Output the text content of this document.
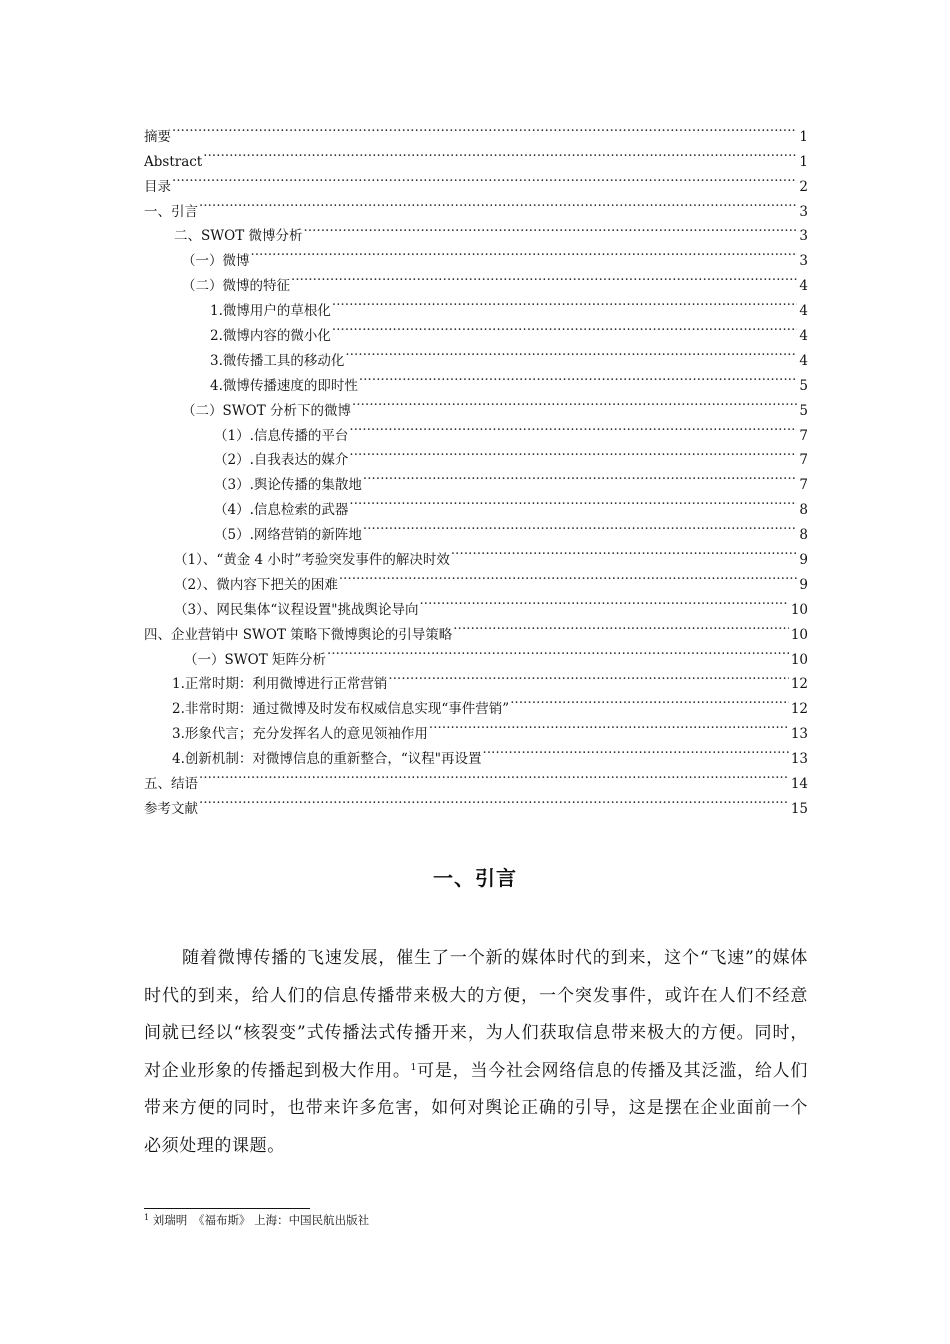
摘要 .....	1
Abstract .....	1
目录 .....	2
一、引言 .....	3
二、SWOT 微博分析 .....	3
（一）微博 .....	3
（二）微博的特征 .....	4
1.微博用户的草根化 .....	4
2.微博内容的微小化 .....	4
3.微传播工具的移动化 .....	4
4.微博传播速度的即时性 .....	5
（二）SWOT 分析下的微博 .....	5
（1）.信息传播的平台 .....	7
（2）.自我表达的媒介 .....	7
（3）.舆论传播的集散地 .....	7
（4）.信息检索的武器 .....	8
（5）.网络营销的新阵地 .....	8
（1）、“黄金 4 小时”考验突发事件的解决时效 .....	9
（2）、微内容下把关的困难 .....	9
（3）、网民集体“议程设置"挑战舆论导向 .....	10
四、企业营销中 SWOT 策略下微博舆论的引导策略 .....	10
（一）SWOT 矩阵分析 .....	10
1.正常时期：利用微博进行正常营销 .....	12
2.非常时期：通过微博及时发布权威信息实现“事件营销” .....	12
3.形象代言；充分发挥名人的意见领袖作用 .....	13
4.创新机制：对微博信息的重新整合，“议程"再设置 .....	13
五、结语 .....	14
参考文献 .....	15
一、引言
随着微博传播的飞速发展，催生了一个新的媒体时代的到来，这个“飞速”的媒体时代的到来，给人们的信息传播带来极大的方便，一个突发事件，或许在人们不经意间就已经以“核裂变”式传播法式传播开来，为人们获取信息带来极大的方便。同时，对企业形象的传播起到极大作用。$^1$可是，当今社会网络信息的传播及其泛滥，给人们带来方便的同时，也带来许多危害，如何对舆论正确的引导，这是摆在企业面前一个必须处理的课题。
$^1$ 刘瑞明　《福布斯》 上海：中国民航出版社
